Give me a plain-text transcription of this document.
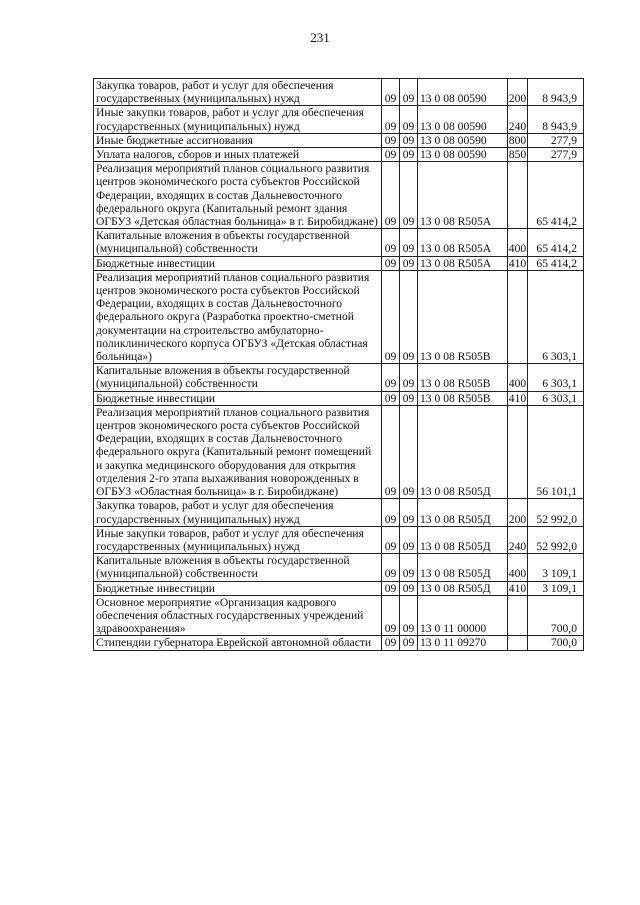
231
Закупка товаров, работ и услуг для обеспечения государственных (муниципальных) нужд	09	09	13 0 08 00590	200	8 943,9
Иные закупки товаров, работ и услуг для обеспечения государственных (муниципальных) нужд	09	09	13 0 08 00590	240	8 943,9
Иные бюджетные ассигнования	09	09	13 0 08 00590	800	277,9
Уплата налогов, сборов и иных платежей	09	09	13 0 08 00590	850	277,9
Реализация мероприятий планов социального развития центров экономического роста субъектов Российской Федерации, входящих в состав Дальневосточного федерального округа (Капитальный ремонт здания ОГБУЗ «Детская областная больница» в г. Биробиджане)	09	09	13 0 08 R505А		65 414,2
Капитальные вложения в объекты государственной (муниципальной) собственности	09	09	13 0 08 R505А	400	65 414,2
Бюджетные инвестиции	09	09	13 0 08 R505А	410	65 414,2
Реализация мероприятий планов социального развития центров экономического роста субъектов Российской Федерации, входящих в состав Дальневосточного федерального округа (Разработка проектно-сметной документации на строительство амбулаторно-поликлинического корпуса ОГБУЗ «Детская областная больница»)	09	09	13 0 08 R505В		6 303,1
Капитальные вложения в объекты государственной (муниципальной) собственности	09	09	13 0 08 R505В	400	6 303,1
Бюджетные инвестиции	09	09	13 0 08 R505В	410	6 303,1
Реализация мероприятий планов социального развития центров экономического роста субъектов Российской Федерации, входящих в состав Дальневосточного федерального округа (Капитальный ремонт помещений и закупка медицинского оборудования для открытия отделения 2-го этапа выхаживания новорожденных в ОГБУЗ «Областная больница» в г. Биробиджане)	09	09	13 0 08 R505Д		56 101,1
Закупка товаров, работ и услуг для обеспечения государственных (муниципальных) нужд	09	09	13 0 08 R505Д	200	52 992,0
Иные закупки товаров, работ и услуг для обеспечения государственных (муниципальных) нужд	09	09	13 0 08 R505Д	240	52 992,0
Капитальные вложения в объекты государственной (муниципальной) собственности	09	09	13 0 08 R505Д	400	3 109,1
Бюджетные инвестиции	09	09	13 0 08 R505Д	410	3 109,1
Основное мероприятие «Организация кадрового обеспечения областных государственных учреждений здравоохранения»	09	09	13 0 11 00000		700,0
Стипендии губернатора Еврейской автономной области	09	09	13 0 11 09270		700,0
